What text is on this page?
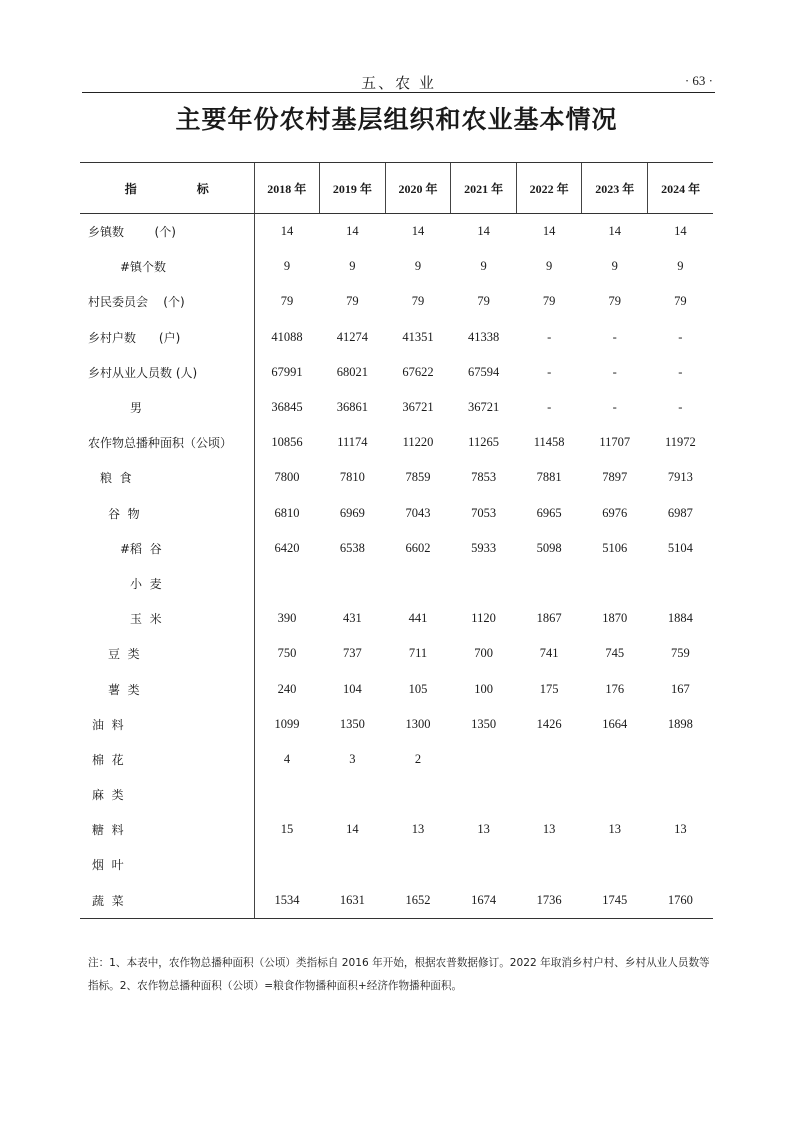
五、农 业	· 63 ·
主要年份农村基层组织和农业基本情况
指 标	2018 年	2019 年	2020 年	2021 年	2022 年	2023 年	2024 年
乡镇数        (个)	14	14	14	14	14	14	14
#镇个数	9	9	9	9	9	9	9
村民委员会    (个)	79	79	79	79	79	79	79
乡村户数      (户)	41088	41274	41351	41338	-	-	-
乡村从业人员数 (人)	67991	68021	67622	67594	-	-	-
男	36845	36861	36721	36721	-	-	-
农作物总播种面积（公顷）	10856	11174	11220	11265	11458	11707	11972
粮  食	7800	7810	7859	7853	7881	7897	7913
谷  物	6810	6969	7043	7053	6965	6976	6987
#稻  谷	6420	6538	6602	5933	5098	5106	5104
小  麦							
玉  米	390	431	441	1120	1867	1870	1884
豆  类	750	737	711	700	741	745	759
薯  类	240	104	105	100	175	176	167
油  料	1099	1350	1300	1350	1426	1664	1898
棉  花	4	3	2				
麻  类							
糖  料	15	14	13	13	13	13	13
烟  叶							
蔬  菜	1534	1631	1652	1674	1736	1745	1760
注：1、本表中，农作物总播种面积（公顷）类指标自 2016 年开始，根据农普数据修订。2022 年取消乡村户村、乡村从业人员数等指标。2、农作物总播种面积（公顷）=粮食作物播种面积+经济作物播种面积。
